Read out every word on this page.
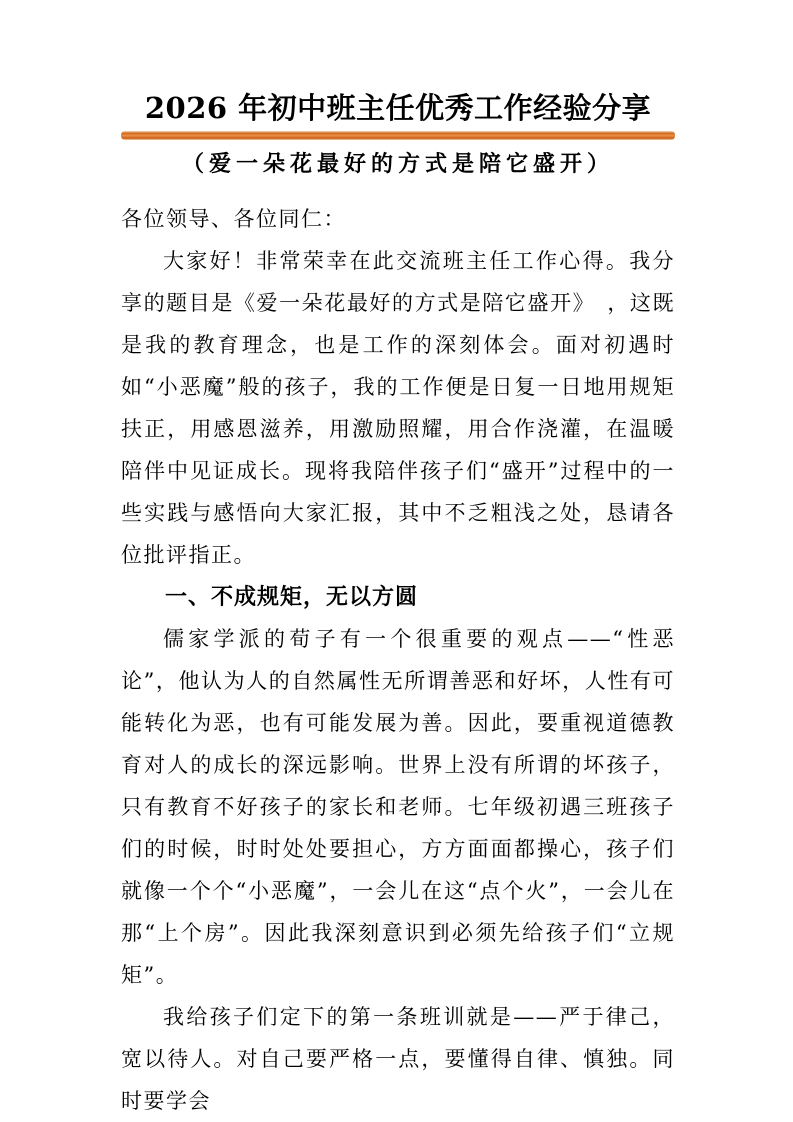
2026 年初中班主任优秀工作经验分享
（爱一朵花最好的方式是陪它盛开）

各位领导、各位同仁：

大家好！非常荣幸在此交流班主任工作心得。我分享的题目是《爱一朵花最好的方式是陪它盛开》　，这既是我的教育理念，也是工作的深刻体会。面对初遇时如“小恶魔”般的孩子，我的工作便是日复一日地用规矩扶正，用感恩滋养，用激励照耀，用合作浇灌，在温暖陪伴中见证成长。现将我陪伴孩子们“盛开”过程中的一些实践与感悟向大家汇报，其中不乏粗浅之处，恳请各位批评指正。

一、不成规矩，无以方圆

儒家学派的荀子有一个很重要的观点——“性恶论”，他认为人的自然属性无所谓善恶和好坏，人性有可能转化为恶，也有可能发展为善。因此，要重视道德教育对人的成长的深远影响。世界上没有所谓的坏孩子，只有教育不好孩子的家长和老师。七年级初遇三班孩子们的时候，时时处处要担心，方方面面都操心，孩子们就像一个个“小恶魔”，一会儿在这“点个火”，一会儿在那“上个房”。因此我深刻意识到必须先给孩子们“立规矩”。

我给孩子们定下的第一条班训就是——严于律己，宽以待人。对自己要严格一点，要懂得自律、慎独。同时要学会
